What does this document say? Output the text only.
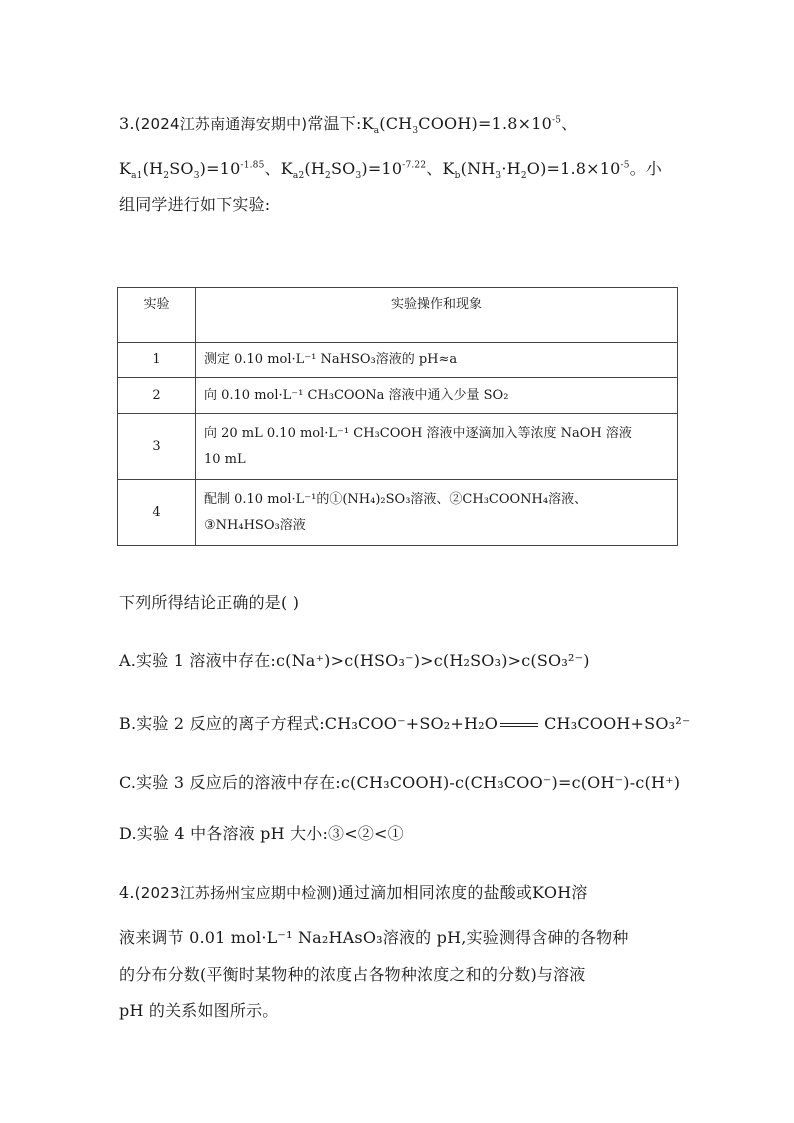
3.(2024江苏南通海安期中)常温下$:K_a(CH_3COOH)=1.8\times 10^{-5}$、
$K_{a1}(H_2SO_3)=10^{-1.85}$、$K_{a2}(H_2SO_3)=10^{-7.22}$、$K_b(NH_3\cdot H_2O)=1.8\times 10^{-5}$。小
组同学进行如下实验:
实验	实验操作和现象
1	测定 0.10 mol·L⁻¹ NaHSO₃溶液的 pH≈a
2	向 0.10 mol·L⁻¹ CH₃COONa 溶液中通入少量 SO₂
3	向 20 mL 0.10 mol·L⁻¹ CH₃COOH 溶液中逐滴加入等浓度 NaOH 溶液
10 mL

4	配制 0.10 mol·L⁻¹的①(NH₄)₂SO₃溶液、②CH₃COONH₄溶液、
③NH₄HSO₃溶液
下列所得结论正确的是( )
A.实验 1 溶液中存在:c(Na⁺)>c(HSO₃⁻)>c(H₂SO₃)>c(SO₃²⁻)
B.实验 2 反应的离子方程式:CH₃COO⁻+SO₂+H₂O	CH₃COOH+SO₃²⁻
C.实验 3 反应后的溶液中存在:c(CH₃COOH)-c(CH₃COO⁻)=c(OH⁻)-c(H⁺)
D.实验 4 中各溶液 pH 大小:③<②<①
4.(2023江苏扬州宝应期中检测)通过滴加相同浓度的盐酸或KOH溶
液来调节 0.01 mol·L⁻¹ Na₂HAsO₃溶液的 pH,实验测得含砷的各物种
的分布分数(平衡时某物种的浓度占各物种浓度之和的分数)与溶液
pH 的关系如图所示。
